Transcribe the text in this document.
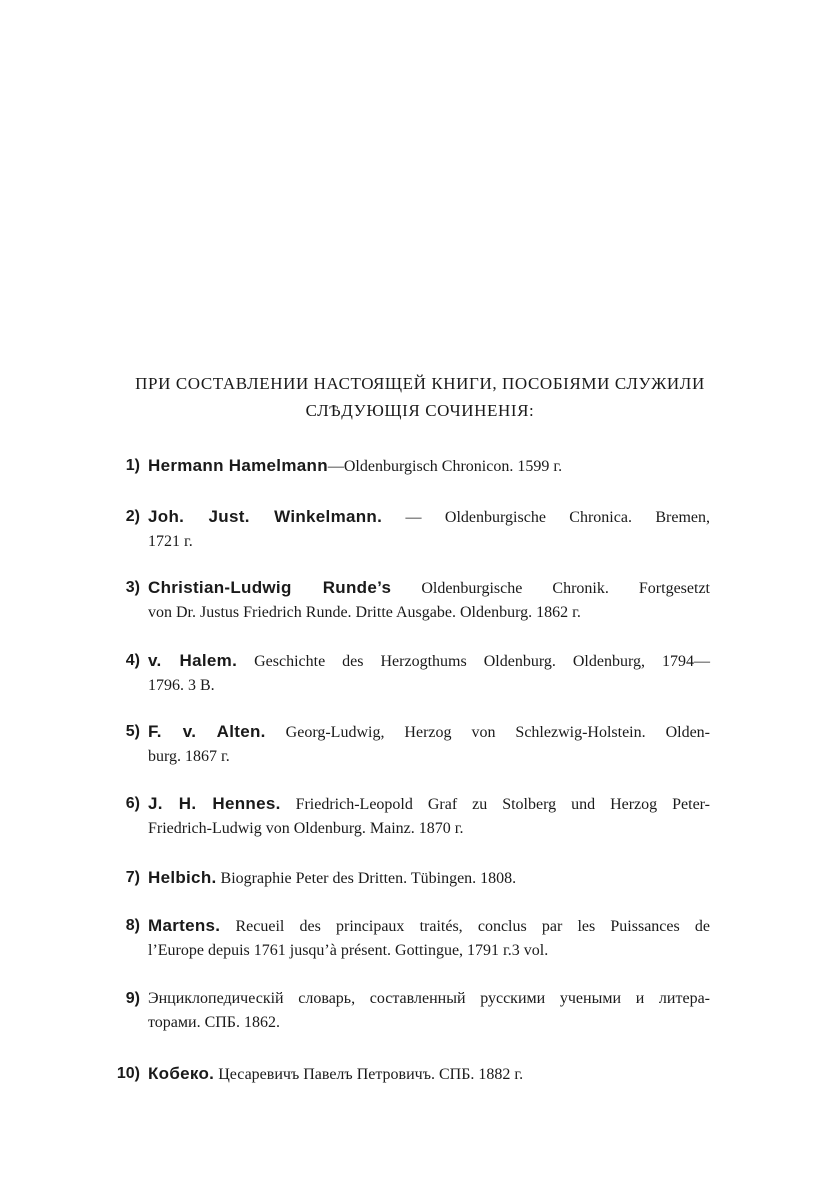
ПРИ СОСТАВЛЕНИИ НАСТОЯЩЕЙ КНИГИ, ПОСОБІЯМИ СЛУЖИЛИ
СЛѢДУЮЩІЯ СОЧИНЕНІЯ:
1) Hermann Hamelmann—Oldenburgisch Chronicon. 1599 г.
2) Joh. Just. Winkelmann. — Oldenburgische Chronica. Bremen,
1721 г.
3) Christian-Ludwig Runde’s Oldenburgische Chronik. Fortgesetzt
von Dr. Justus Friedrich Runde. Dritte Ausgabe. Oldenburg. 1862 г.
4) v. Halem. Geschichte des Herzogthums Oldenburg. Oldenburg, 1794—
1796. 3 В.
5) F. v. Alten. Georg-Ludwig, Herzog von Schlezwig-Holstein. Olden-
burg. 1867 г.
6) J. H. Hennes. Friedrich-Leopold Graf zu Stolberg und Herzog Peter-
Friedrich-Ludwig von Oldenburg. Mainz. 1870 г.
7) Helbich. Biographie Peter des Dritten. Tübingen. 1808.
8) Martens. Recueil des principaux traités, conclus par les Puissances de
l’Europe depuis 1761 jusqu’à présent. Gottingue, 1791 г.3 vol.
9) Энциклопедическій словарь, составленный русскими учеными и литера-
торами. СПБ. 1862.
10) Кобеко. Цесаревичъ Павелъ Петровичъ. СПБ. 1882 г.
